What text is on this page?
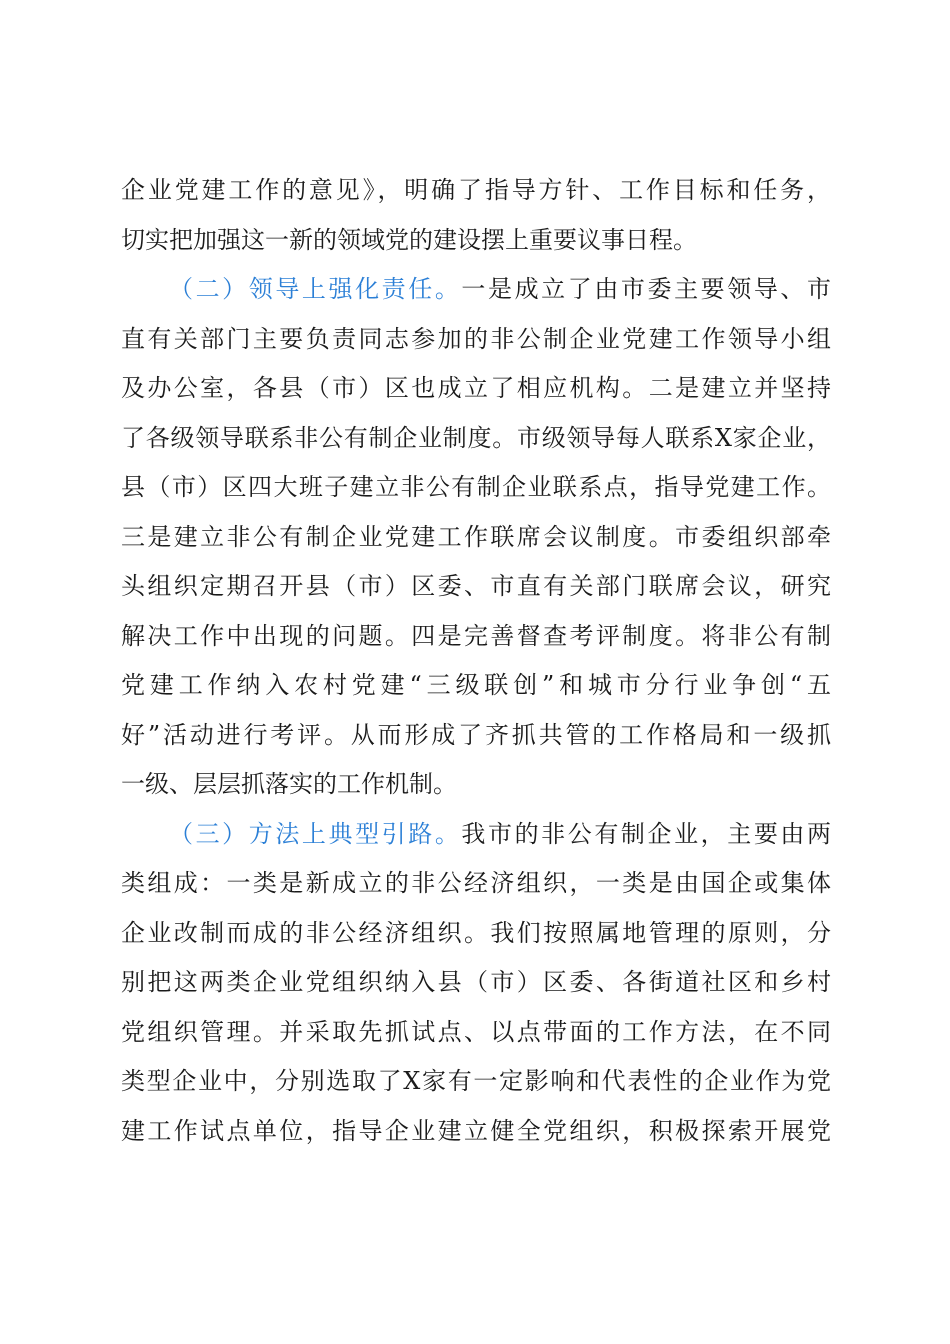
企业党建工作的意见》，明确了指导方针、工作目标和任务，
切实把加强这一新的领域党的建设摆上重要议事日程。
（二）领导上强化责任。一是成立了由市委主要领导、市
直有关部门主要负责同志参加的非公制企业党建工作领导小组
及办公室，各县（市）区也成立了相应机构。二是建立并坚持
了各级领导联系非公有制企业制度。市级领导每人联系X家企业，
县（市）区四大班子建立非公有制企业联系点，指导党建工作。
三是建立非公有制企业党建工作联席会议制度。市委组织部牵
头组织定期召开县（市）区委、市直有关部门联席会议，研究
解决工作中出现的问题。四是完善督查考评制度。将非公有制
党建工作纳入农村党建“三级联创”和城市分行业争创“五
好”活动进行考评。从而形成了齐抓共管的工作格局和一级抓
一级、层层抓落实的工作机制。
（三）方法上典型引路。我市的非公有制企业，主要由两
类组成：一类是新成立的非公经济组织，一类是由国企或集体
企业改制而成的非公经济组织。我们按照属地管理的原则，分
别把这两类企业党组织纳入县（市）区委、各街道社区和乡村
党组织管理。并采取先抓试点、以点带面的工作方法，在不同
类型企业中，分别选取了X家有一定影响和代表性的企业作为党
建工作试点单位，指导企业建立健全党组织，积极探索开展党
